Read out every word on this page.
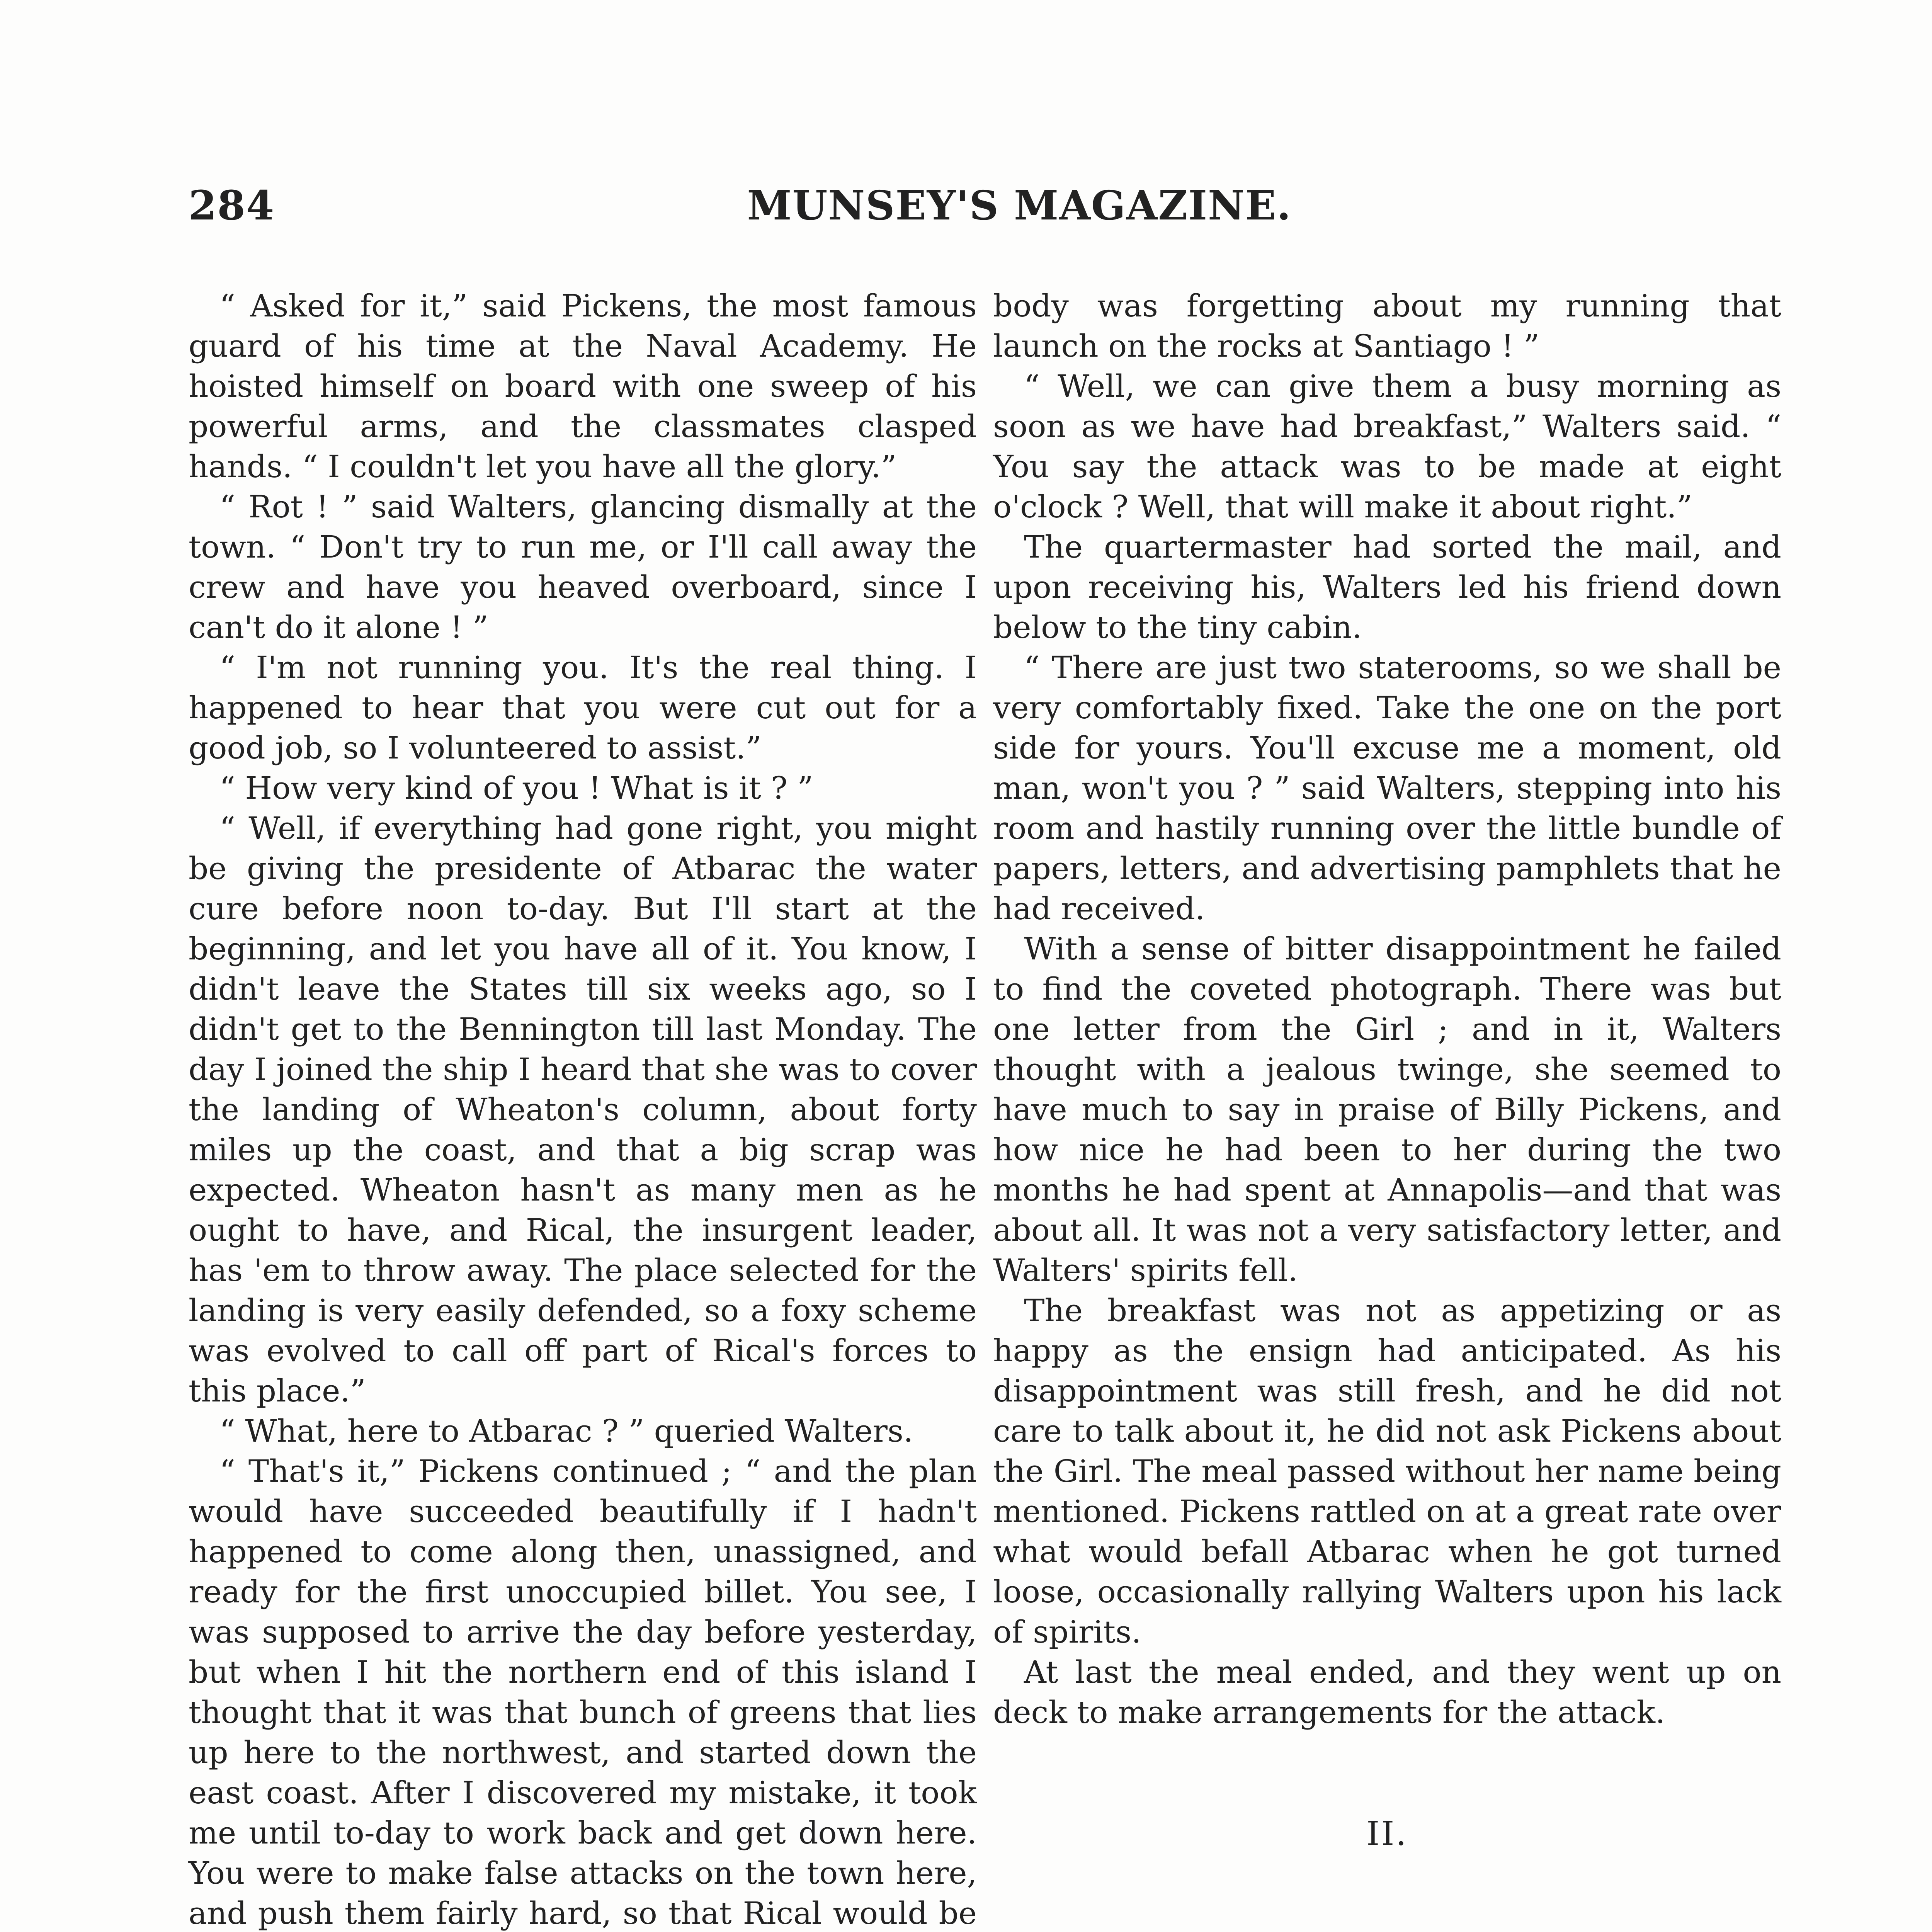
284	MUNSEY'S MAGAZINE.

“ Asked for it,” said Pickens, the most famous guard of his time at the Naval Academy. He hoisted himself on board with one sweep of his powerful arms, and the classmates clasped hands. “ I couldn't let you have all the glory.”

“ Rot ! ” said Walters, glancing dismally at the town. “ Don't try to run me, or I'll call away the crew and have you heaved overboard, since I can't do it alone ! ”

“ I'm not running you. It's the real thing. I happened to hear that you were cut out for a good job, so I volunteered to assist.”

“ How very kind of you ! What is it ? ”

“ Well, if everything had gone right, you might be giving the presidente of Atbarac the water cure before noon to-day. But I'll start at the beginning, and let you have all of it. You know, I didn't leave the States till six weeks ago, so I didn't get to the Bennington till last Monday. The day I joined the ship I heard that she was to cover the landing of Wheaton's column, about forty miles up the coast, and that a big scrap was expected. Wheaton hasn't as many men as he ought to have, and Rical, the insurgent leader, has 'em to throw away. The place selected for the landing is very easily defended, so a foxy scheme was evolved to call off part of Rical's forces to this place.”

“ What, here to Atbarac ? ” queried Walters.

“ That's it,” Pickens continued ; “ and the plan would have succeeded beautifully if I hadn't happened to come along then, unassigned, and ready for the first unoccupied billet. You see, I was supposed to arrive the day before yesterday, but when I hit the northern end of this island I thought that it was that bunch of greens that lies up here to the northwest, and started down the east coast. After I discovered my mistake, it took me until to-day to work back and get down here. You were to make false attacks on the town here, and push them fairly hard, so that Rical would be

body was forgetting about my running that launch on the rocks at Santiago ! ”

“ Well, we can give them a busy morning as soon as we have had breakfast,” Walters said. “ You say the attack was to be made at eight o'clock ? Well, that will make it about right.”

The quartermaster had sorted the mail, and upon receiving his, Walters led his friend down below to the tiny cabin.

“ There are just two staterooms, so we shall be very comfortably fixed. Take the one on the port side for yours. You'll excuse me a moment, old man, won't you ? ” said Walters, stepping into his room and hastily running over the little bundle of papers, letters, and advertising pamphlets that he had received.

With a sense of bitter disappointment he failed to find the coveted photograph. There was but one letter from the Girl ; and in it, Walters thought with a jealous twinge, she seemed to have much to say in praise of Billy Pickens, and how nice he had been to her during the two months he had spent at Annapolis—and that was about all. It was not a very satisfactory letter, and Walters' spirits fell.

The breakfast was not as appetizing or as happy as the ensign had anticipated. As his disappointment was still fresh, and he did not care to talk about it, he did not ask Pickens about the Girl. The meal passed without her name being mentioned. Pickens rattled on at a great rate over what would befall Atbarac when he got turned loose, occasionally rallying Walters upon his lack of spirits.

At last the meal ended, and they went up on deck to make arrangements for the attack.

II.
